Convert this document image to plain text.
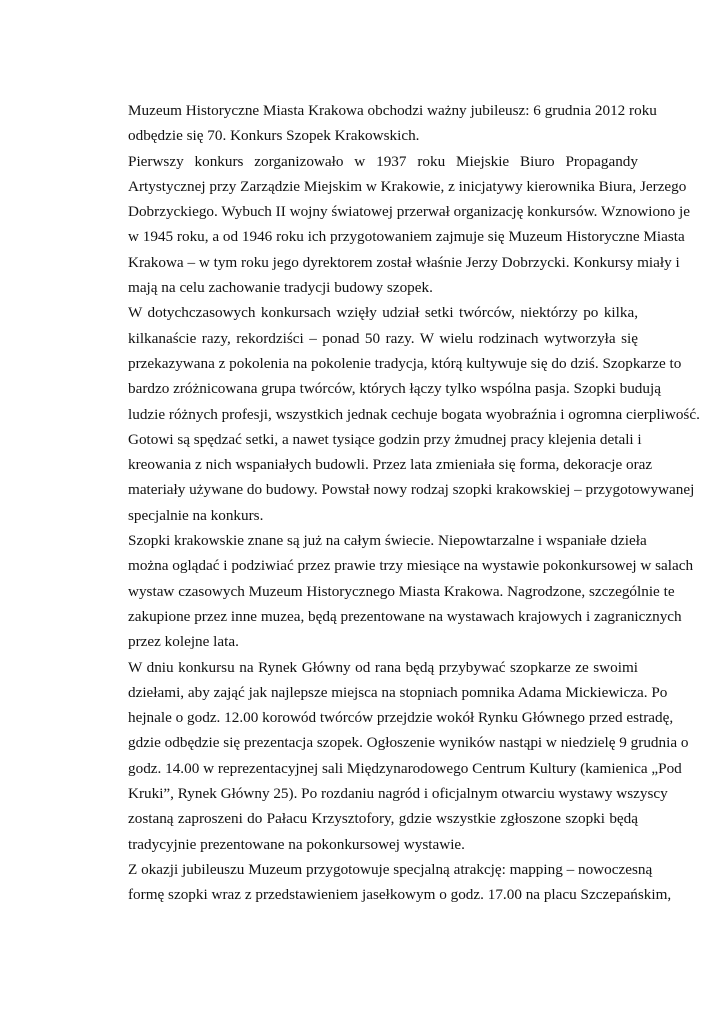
Muzeum Historyczne Miasta Krakowa obchodzi ważny jubileusz: 6 grudnia 2012 roku
odbędzie się 70. Konkurs Szopek Krakowskich.
Pierwszy konkurs zorganizowało w 1937 roku Miejskie Biuro Propagandy
Artystycznej przy Zarządzie Miejskim w Krakowie, z inicjatywy kierownika Biura, Jerzego
Dobrzyckiego. Wybuch II wojny światowej przerwał organizację konkursów. Wznowiono je
w 1945 roku, a od 1946 roku ich przygotowaniem zajmuje się Muzeum Historyczne Miasta
Krakowa – w tym roku jego dyrektorem został właśnie Jerzy Dobrzycki. Konkursy miały i
mają na celu zachowanie tradycji budowy szopek.
W dotychczasowych konkursach wzięły udział setki twórców, niektórzy po kilka,
kilkanaście razy, rekordziści – ponad 50 razy. W wielu rodzinach wytworzyła się
przekazywana z pokolenia na pokolenie tradycja, którą kultywuje się do dziś. Szopkarze to
bardzo zróżnicowana grupa twórców, których łączy tylko wspólna pasja. Szopki budują
ludzie różnych profesji, wszystkich jednak cechuje bogata wyobraźnia i ogromna cierpliwość.
Gotowi są spędzać setki, a nawet tysiące godzin przy żmudnej pracy klejenia detali i
kreowania z nich wspaniałych budowli. Przez lata zmieniała się forma, dekoracje oraz
materiały używane do budowy. Powstał nowy rodzaj szopki krakowskiej – przygotowywanej
specjalnie na konkurs.
Szopki krakowskie znane są już na całym świecie. Niepowtarzalne i wspaniałe dzieła
można oglądać i podziwiać przez prawie trzy miesiące na wystawie pokonkursowej w salach
wystaw czasowych Muzeum Historycznego Miasta Krakowa. Nagrodzone, szczególnie te
zakupione przez inne muzea, będą prezentowane na wystawach krajowych i zagranicznych
przez kolejne lata.
W dniu konkursu na Rynek Główny od rana będą przybywać szopkarze ze swoimi
dziełami, aby zająć jak najlepsze miejsca na stopniach pomnika Adama Mickiewicza. Po
hejnale o godz. 12.00 korowód twórców przejdzie wokół Rynku Głównego przed estradę,
gdzie odbędzie się prezentacja szopek. Ogłoszenie wyników nastąpi w niedzielę 9 grudnia o
godz. 14.00 w reprezentacyjnej sali Międzynarodowego Centrum Kultury (kamienica „Pod
Kruki”, Rynek Główny 25). Po rozdaniu nagród i oficjalnym otwarciu wystawy wszyscy
zostaną zaproszeni do Pałacu Krzysztofory, gdzie wszystkie zgłoszone szopki będą
tradycyjnie prezentowane na pokonkursowej wystawie.
Z okazji jubileuszu Muzeum przygotowuje specjalną atrakcję: mapping – nowoczesną
formę szopki wraz z przedstawieniem jasełkowym o godz. 17.00 na placu Szczepańskim,
